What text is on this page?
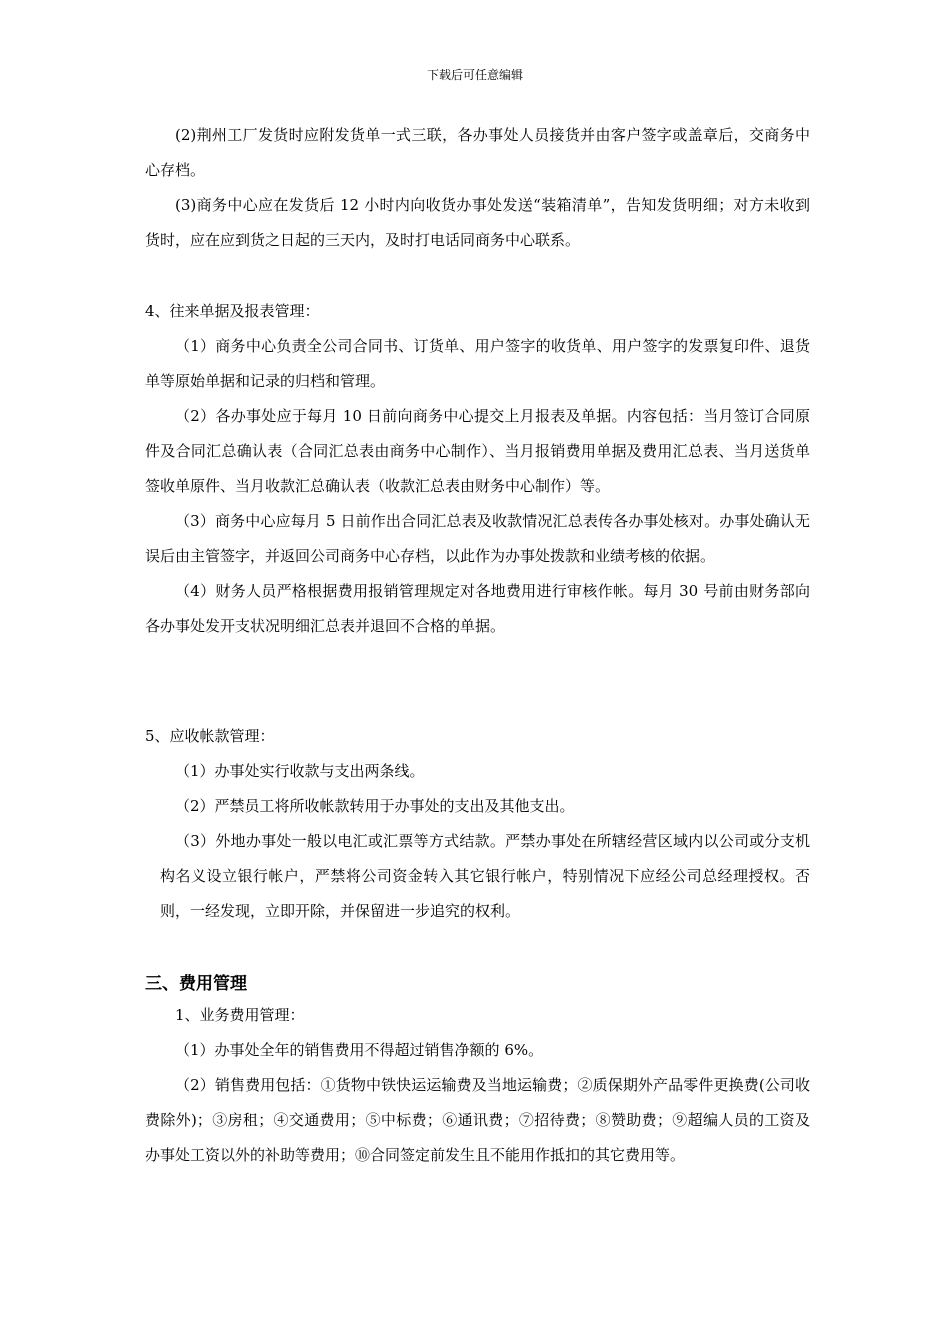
下载后可任意编辑

(2)荆州工厂发货时应附发货单一式三联，各办事处人员接货并由客户签字或盖章后，交商务中心存档。

(3)商务中心应在发货后 12 小时内向收货办事处发送“装箱清单”，告知发货明细；对方未收到货时，应在应到货之日起的三天内，及时打电话同商务中心联系。

4、往来单据及报表管理：

（1）商务中心负责全公司合同书、订货单、用户签字的收货单、用户签字的发票复印件、退货单等原始单据和记录的归档和管理。

（2）各办事处应于每月 10 日前向商务中心提交上月报表及单据。内容包括：当月签订合同原件及合同汇总确认表（合同汇总表由商务中心制作）、当月报销费用单据及费用汇总表、当月送货单签收单原件、当月收款汇总确认表（收款汇总表由财务中心制作）等。

（3）商务中心应每月 5 日前作出合同汇总表及收款情况汇总表传各办事处核对。办事处确认无误后由主管签字，并返回公司商务中心存档，以此作为办事处拨款和业绩考核的依据。

（4）财务人员严格根据费用报销管理规定对各地费用进行审核作帐。每月 30 号前由财务部向各办事处发开支状况明细汇总表并退回不合格的单据。

5、应收帐款管理：

（1）办事处实行收款与支出两条线。

（2）严禁员工将所收帐款转用于办事处的支出及其他支出。

（3）外地办事处一般以电汇或汇票等方式结款。严禁办事处在所辖经营区域内以公司或分支机构名义设立银行帐户，严禁将公司资金转入其它银行帐户，特别情况下应经公司总经理授权。否则，一经发现，立即开除，并保留进一步追究的权利。

三、费用管理

1、业务费用管理：

（1）办事处全年的销售费用不得超过销售净额的 6%。

（2）销售费用包括：①货物中铁快运运输费及当地运输费；②质保期外产品零件更换费(公司收费除外)；③房租；④交通费用；⑤中标费；⑥通讯费；⑦招待费；⑧赞助费；⑨超编人员的工资及办事处工资以外的补助等费用；⑩合同签定前发生且不能用作抵扣的其它费用等。
